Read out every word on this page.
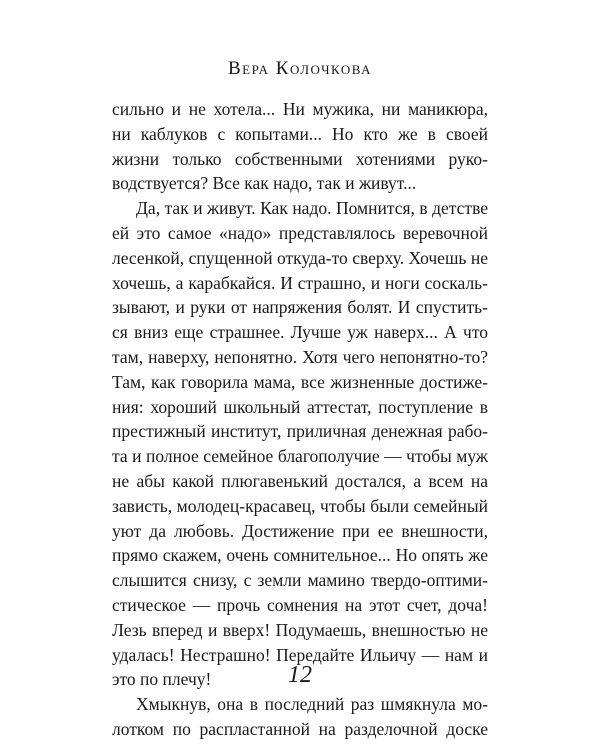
Вера Колочкова
сильно и не хотела... Ни мужика, ни маникюра,
ни каблуков с копытами... Но кто же в своей
жизни только собственными хотениями руко-
водствуется? Все как надо, так и живут...
Да, так и живут. Как надо. Помнится, в детстве
ей это самое «надо» представлялось веревочной
лесенкой, спущенной откуда-то сверху. Хочешь не
хочешь, а карабкайся. И страшно, и ноги соскаль-
зывают, и руки от напряжения болят. И спустить-
ся вниз еще страшнее. Лучше уж наверх... А что
там, наверху, непонятно. Хотя чего непонятно-то?
Там, как говорила мама, все жизненные достиже-
ния: хороший школьный аттестат, поступление в
престижный институт, приличная денежная рабо-
та и полное семейное благополучие — чтобы муж
не абы какой плюгавенький достался, а всем на
зависть, молодец-красавец, чтобы были семейный
уют да любовь. Достижение при ее внешности,
прямо скажем, очень сомнительное... Но опять же
слышится снизу, с земли мамино твердо-оптими-
стическое — прочь сомнения на этот счет, доча!
Лезь вперед и вверх! Подумаешь, внешностью не
удалась! Нестрашно! Передайте Ильичу — нам и
это по плечу!
Хмыкнув, она в последний раз шмякнула мо-
лотком по распластанной на разделочной доске
12
